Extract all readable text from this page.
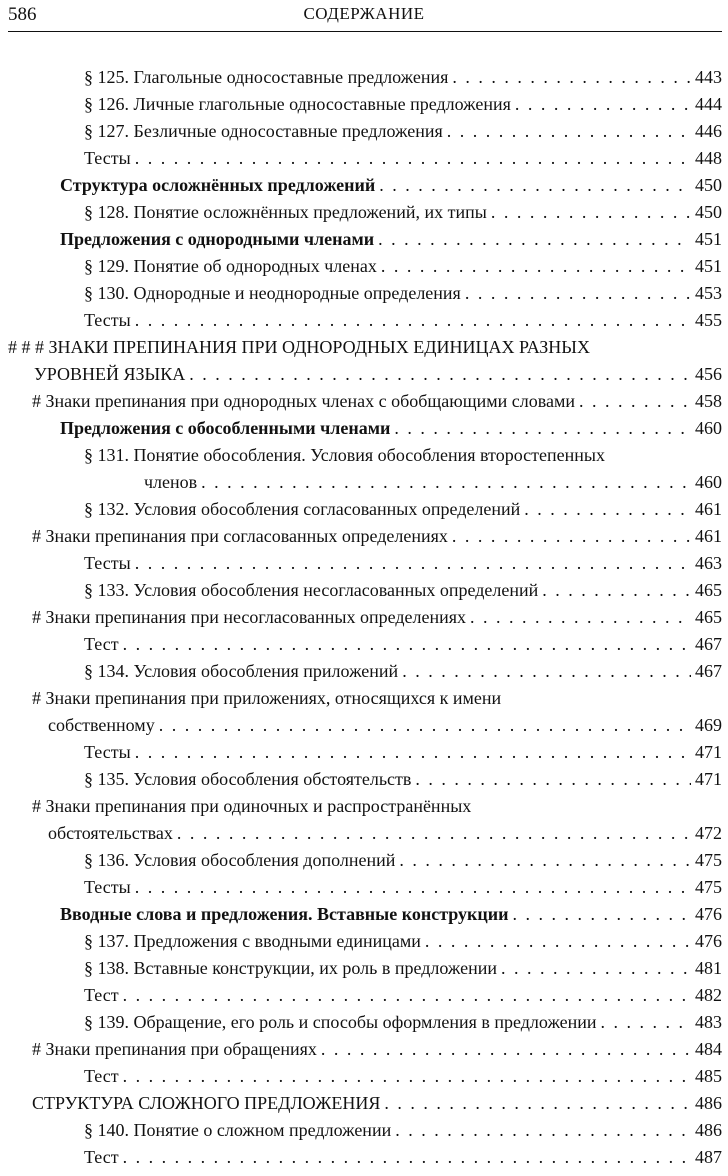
586	СОДЕРЖАНИЕ
§ 125. Глагольные односоставные предложения . . .	443
§ 126. Личные глагольные односоставные предложения . . .	444
§ 127. Безличные односоставные предложения . . .	446
Тесты . . .	448
Структура осложнённых предложений . . .	450
§ 128. Понятие осложнённых предложений, их типы . . .	450
Предложения с однородными членами . . .	451
§ 129. Понятие об однородных членах . . .	451
§ 130. Однородные и неоднородные определения . . .	453
Тесты . . .	455
# # # ЗНАКИ ПРЕПИНАНИЯ ПРИ ОДНОРОДНЫХ ЕДИНИЦАХ РАЗНЫХ
УРОВНЕЙ ЯЗЫКА . . .	456
# Знаки препинания при однородных членах с обобщающими словами . . .	458
Предложения с обособленными членами . . .	460
§ 131. Понятие обособления. Условия обособления второстепенных
членов . . .	460
§ 132. Условия обособления согласованных определений . . .	461
# Знаки препинания при согласованных определениях . . .	461
Тесты . . .	463
§ 133. Условия обособления несогласованных определений . . .	465
# Знаки препинания при несогласованных определениях . . .	465
Тест . . .	467
§ 134. Условия обособления приложений . . .	467
# Знаки препинания при приложениях, относящихся к имени
собственному . . .	469
Тесты . . .	471
§ 135. Условия обособления обстоятельств . . .	471
# Знаки препинания при одиночных и распространённых
обстоятельствах . . .	472
§ 136. Условия обособления дополнений . . .	475
Тесты . . .	475
Вводные слова и предложения. Вставные конструкции . . .	476
§ 137. Предложения с вводными единицами . . .	476
§ 138. Вставные конструкции, их роль в предложении . . .	481
Тест . . .	482
§ 139. Обращение, его роль и способы оформления в предложении . . .	483
# Знаки препинания при обращениях . . .	484
Тест . . .	485
СТРУКТУРА СЛОЖНОГО ПРЕДЛОЖЕНИЯ . . .	486
§ 140. Понятие о сложном предложении . . .	486
Тест . . .	487
